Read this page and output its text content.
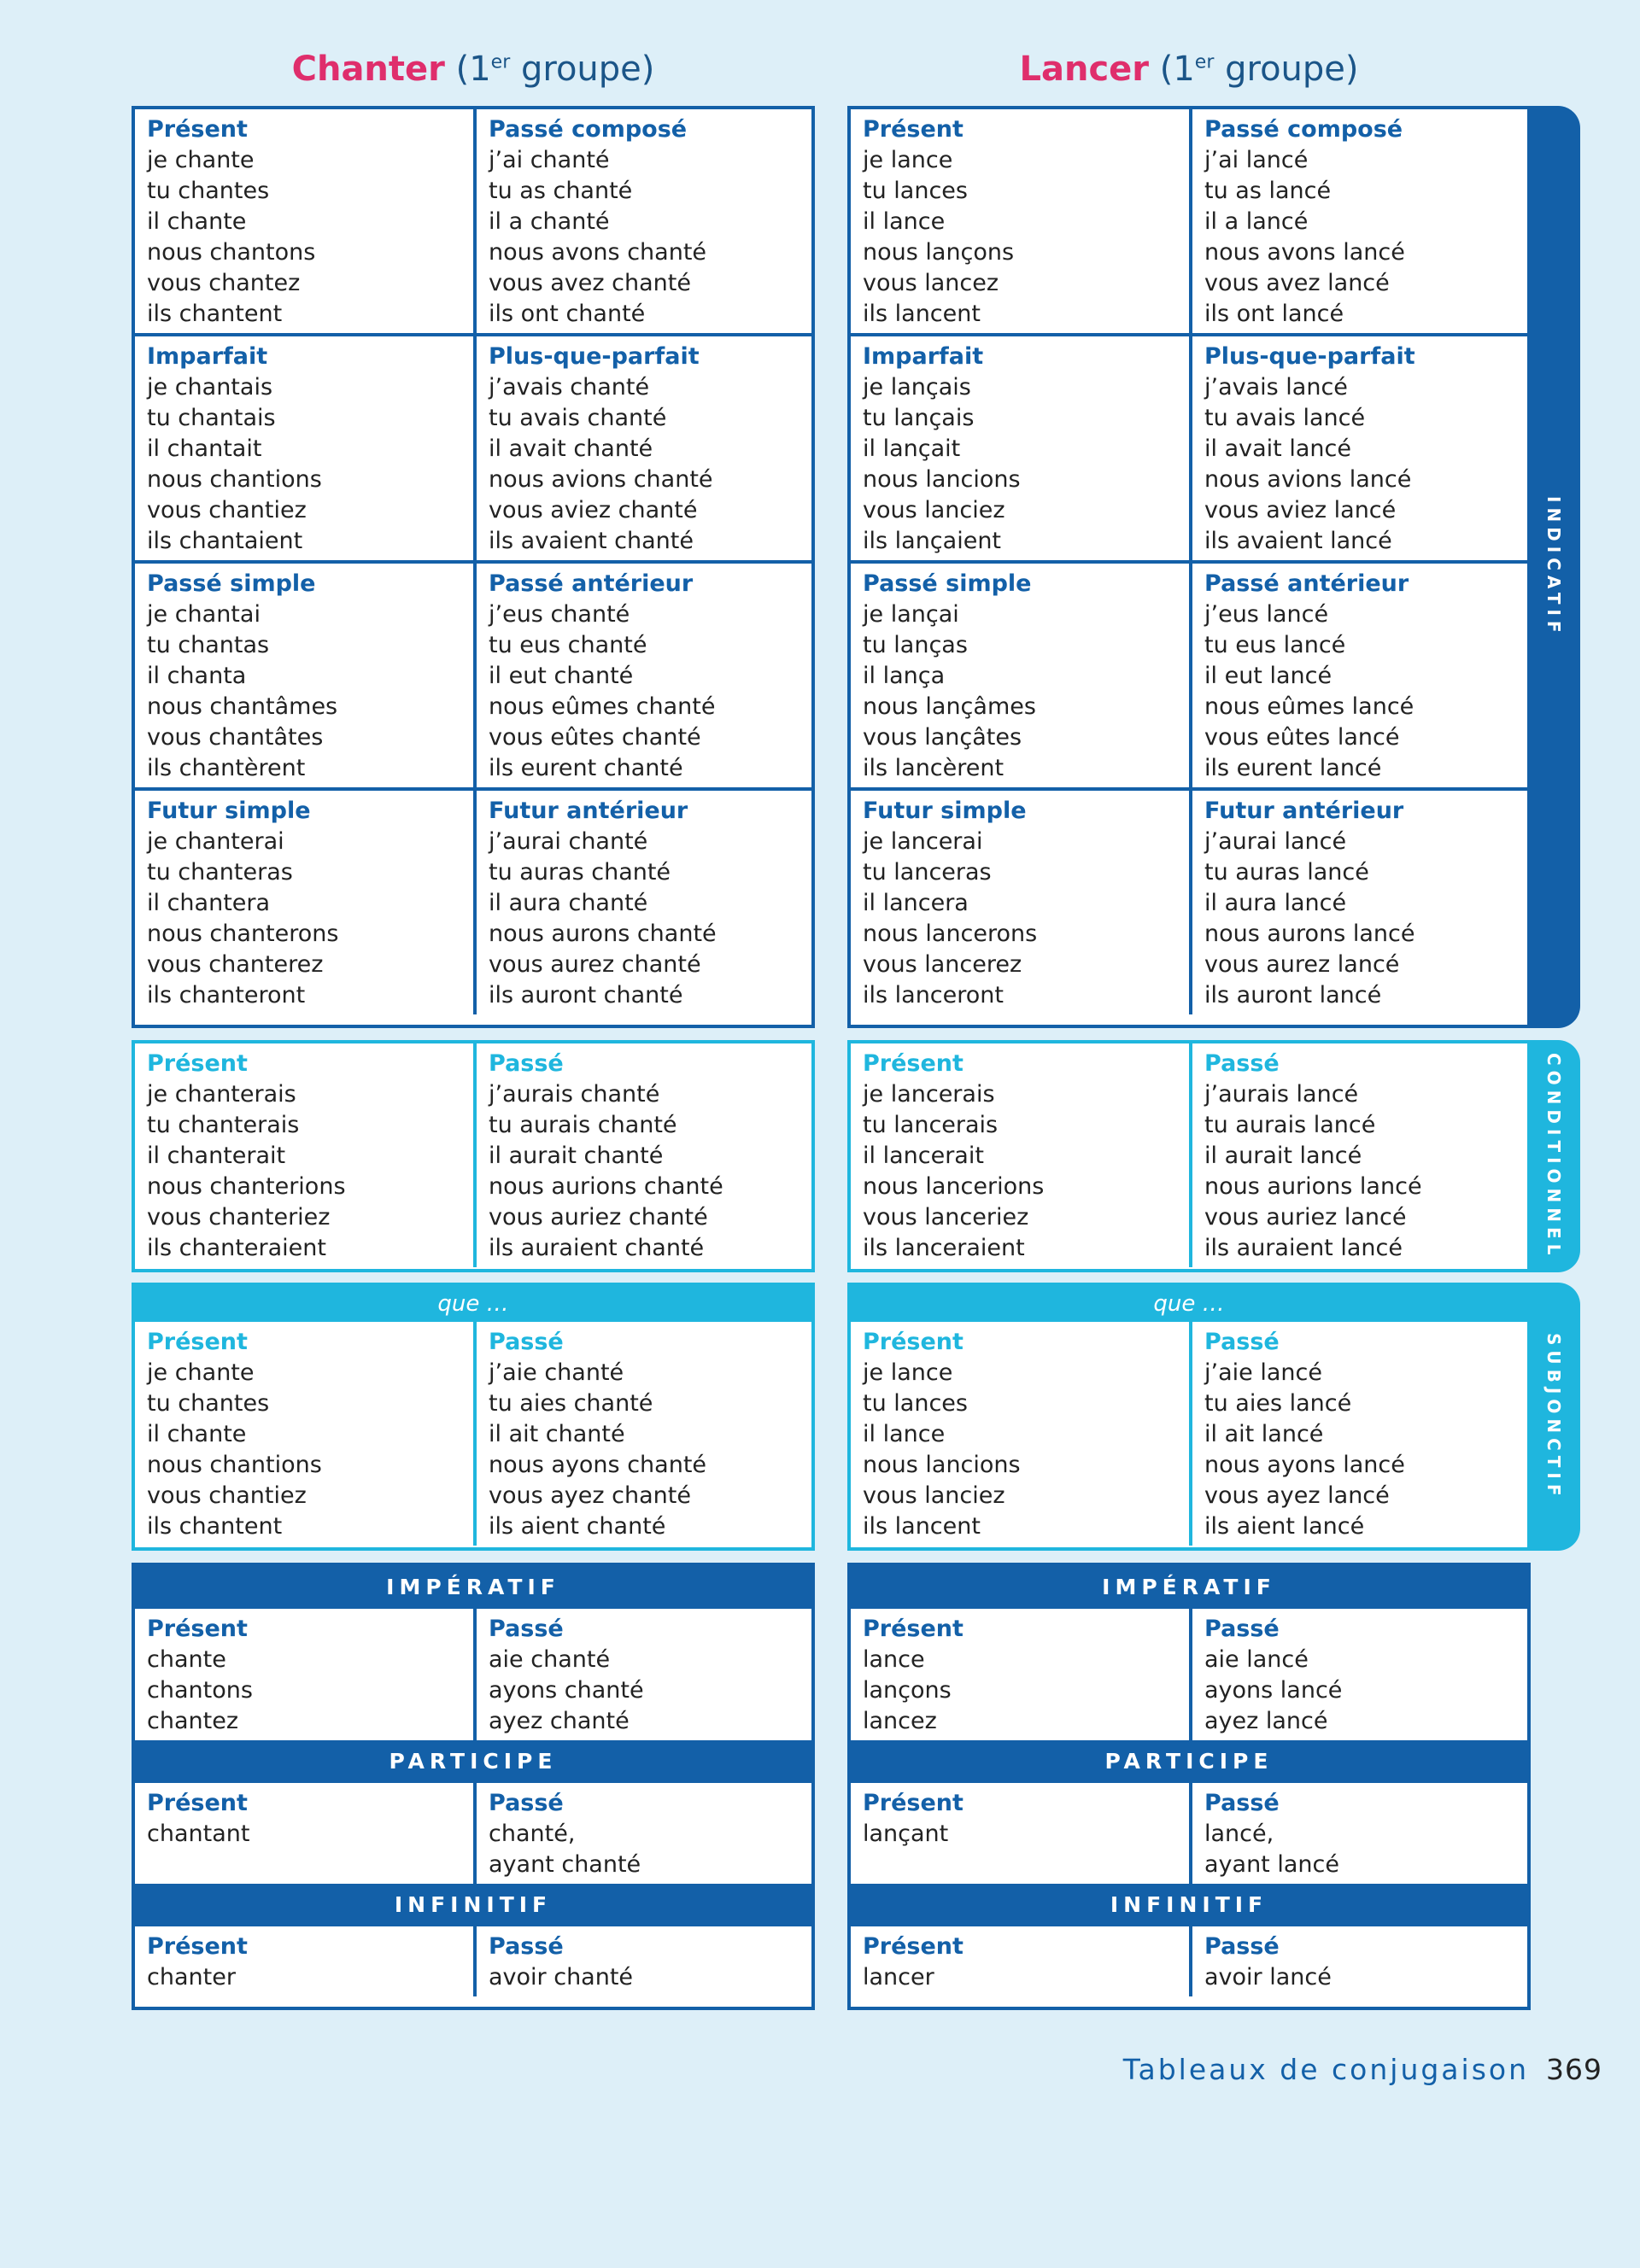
Chanter (1er groupe)
Présent
je chante
tu chantes
il chante
nous chantons
vous chantez
ils chantent
Passé composé
j’ai chanté
tu as chanté
il a chanté
nous avons chanté
vous avez chanté
ils ont chanté
Imparfait
je chantais
tu chantais
il chantait
nous chantions
vous chantiez
ils chantaient
Plus-que-parfait
j’avais chanté
tu avais chanté
il avait chanté
nous avions chanté
vous aviez chanté
ils avaient chanté
Passé simple
je chantai
tu chantas
il chanta
nous chantâmes
vous chantâtes
ils chantèrent
Passé antérieur
j’eus chanté
tu eus chanté
il eut chanté
nous eûmes chanté
vous eûtes chanté
ils eurent chanté
Futur simple
je chanterai
tu chanteras
il chantera
nous chanterons
vous chanterez
ils chanteront
Futur antérieur
j’aurai chanté
tu auras chanté
il aura chanté
nous aurons chanté
vous aurez chanté
ils auront chanté
Présent
je chanterais
tu chanterais
il chanterait
nous chanterions
vous chanteriez
ils chanteraient
Passé
j’aurais chanté
tu aurais chanté
il aurait chanté
nous aurions chanté
vous auriez chanté
ils auraient chanté
que …
Présent
je chante
tu chantes
il chante
nous chantions
vous chantiez
ils chantent
Passé
j’aie chanté
tu aies chanté
il ait chanté
nous ayons chanté
vous ayez chanté
ils aient chanté
IMPÉRATIF
Présent
chante
chantons
chantez
Passé
aie chanté
ayons chanté
ayez chanté
PARTICIPE
Présent
chantant
Passé
chanté,
ayant chanté
INFINITIF
Présent
chanter
Passé
avoir chanté
Lancer (1er groupe)
Présent
je lance
tu lances
il lance
nous lançons
vous lancez
ils lancent
Passé composé
j’ai lancé
tu as lancé
il a lancé
nous avons lancé
vous avez lancé
ils ont lancé
Imparfait
je lançais
tu lançais
il lançait
nous lancions
vous lanciez
ils lançaient
Plus-que-parfait
j’avais lancé
tu avais lancé
il avait lancé
nous avions lancé
vous aviez lancé
ils avaient lancé
Passé simple
je lançai
tu lanças
il lança
nous lançâmes
vous lançâtes
ils lancèrent
Passé antérieur
j’eus lancé
tu eus lancé
il eut lancé
nous eûmes lancé
vous eûtes lancé
ils eurent lancé
Futur simple
je lancerai
tu lanceras
il lancera
nous lancerons
vous lancerez
ils lanceront
Futur antérieur
j’aurai lancé
tu auras lancé
il aura lancé
nous aurons lancé
vous aurez lancé
ils auront lancé
Présent
je lancerais
tu lancerais
il lancerait
nous lancerions
vous lanceriez
ils lanceraient
Passé
j’aurais lancé
tu aurais lancé
il aurait lancé
nous aurions lancé
vous auriez lancé
ils auraient lancé
que …
Présent
je lance
tu lances
il lance
nous lancions
vous lanciez
ils lancent
Passé
j’aie lancé
tu aies lancé
il ait lancé
nous ayons lancé
vous ayez lancé
ils aient lancé
IMPÉRATIF
Présent
lance
lançons
lancez
Passé
aie lancé
ayons lancé
ayez lancé
PARTICIPE
Présent
lançant
Passé
lancé,
ayant lancé
INFINITIF
Présent
lancer
Passé
avoir lancé
INDICATIF
CONDITIONNEL
SUBJONCTIF
Tableaux de conjugaison 369
